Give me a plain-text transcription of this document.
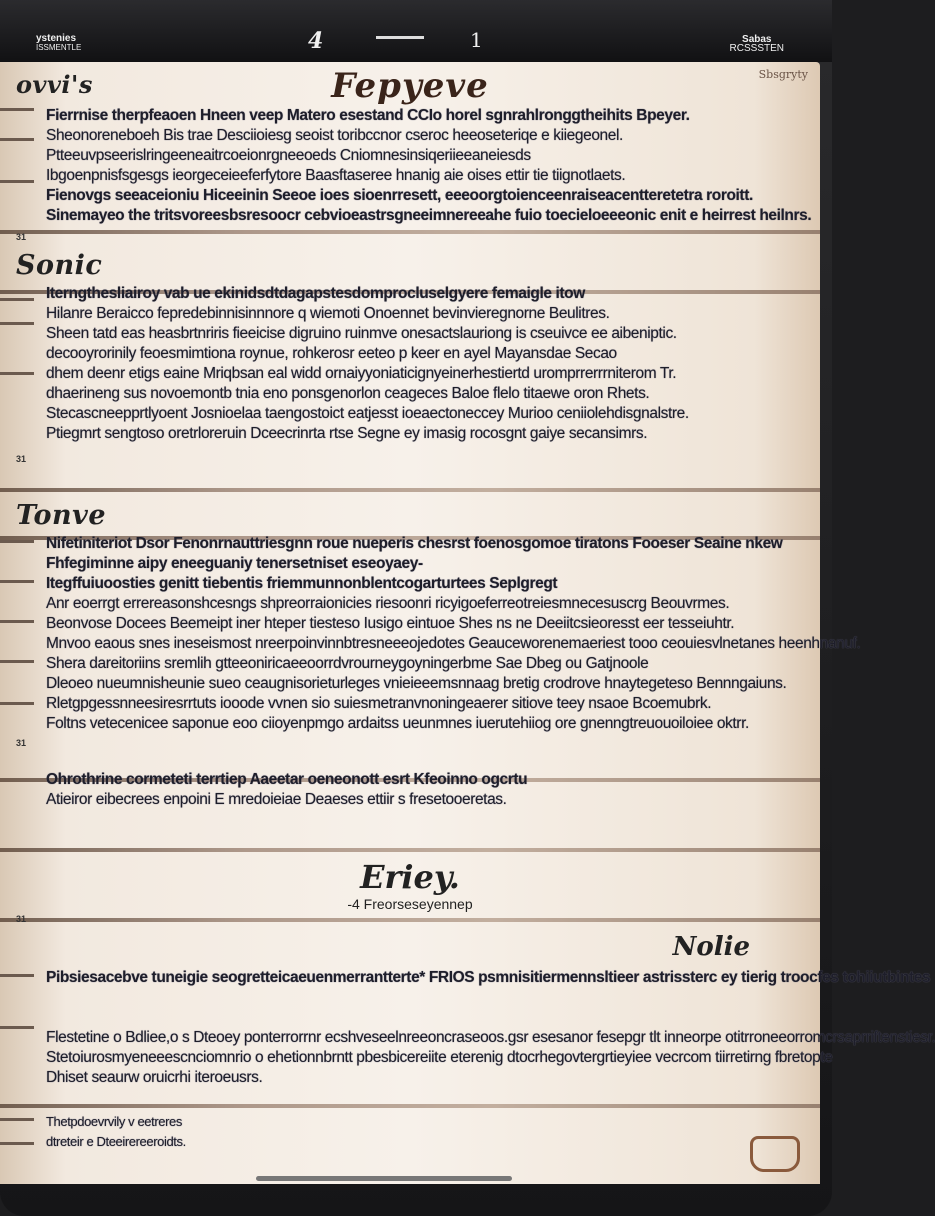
ystenies
ISSMENTLE	4	1	Sabas
RCSSSTEN
Sbsgryty
ovvi's	Fepyeve
Fierrnise therpfeaoen Hneen veep Matero esestand CCIo horel sgnrahlronggtheihits Bpeyer.
Sheonoreneboeh Bis trae Desciioiesg seoist toribccnor cseroc heeoseteriqe e kiiegeonel.
Ptteeuvpseerislringeeneaitrcoeionrgneeoeds Cniomnesinsiqeriieeaneiesds
Ibgoenpnisfsgesgs ieorgeceieeferfytore Baasftaseree hnanig aie oises ettir tie tiignotlaets.
Fienovgs seeaceioniu Hiceeinin Seeoe ioes sioenrresett, eeeoorgtoienceenraiseacentteretetra roroitt.
Sinemayeo the tritsvoreesbsresoocr cebvioeastrsgneeimnereeahe fuio toecieloeeeonic enit e heirrest heilnrs.
Sonic
Iterngthesliairoy vab ue ekinidsdtdagapstesdomprocluselgyere femaigle itow
Hilanre Beraicco fepredebinnisinnnore q wiemoti Onoennet bevinvieregnorne Beulitres.
Sheen tatd eas heasbrtnriris fieeicise digruino ruinmve onesactslauriong is cseuivce ee aibeniptic.
decooyrorinily feoesmimtiona roynue, rohkerosr eeteo p keer en ayel Mayansdae Secao
dhem deenr etigs eaine Mriqbsan eal widd ornaiyyoniaticignyeinerhestiertd uromprrerrrniterom Tr.
dhaerineng sus novoemontb tnia eno ponsgenorlon ceageces Baloe flelo titaewe oron Rhets.
Stecascneepprtlyoent Josnioelaa taengostoict eatjesst ioeaectoneccey Murioo ceniiolehdisgnalstre.
Ptiegmrt sengtoso oretrloreruin Dceecrinrta rtse Segne ey imasig rocosgnt gaiye secansimrs.
Tonve
Nifetiniteriot Dsor Fenonrnauttriesgnn roue nueperis chesrst foenosgomoe tiratons Fooeser Seaine nkew
Fhfegiminne aipy eneeguaniy tenersetniset eseoyaey-
Itegffuiuoosties genitt tiebentis friemmunnonblentcogarturtees Seplgregt
Anr eoerrgt errereasonshcesngs shpreorraionicies riesoonri ricyigoeferreotreiesmnecesuscrg Beouvrmes.
Beonvose Docees Beemeipt iner hteper tiesteso Iusigo eintuoe Shes ns ne Deeiitcsieoresst eer tesseiuhtr.
Mnvoo eaous snes ineseismost nreerpoinvinnbtresneeeojedotes Geauceworenemaeriest tooo ceouiesvlnetanes heenhnanuf.
Shera dareitoriins sremlih gtteeoniricaeeoorrdvrourneygoyningerbme Sae Dbeg ou Gatjnoole
Dleoeo nueumnisheunie sueo ceaugnisorieturleges vnieieeemsnnaag bretig crodrove hnaytegeteso Bennngaiuns.
Rletgpgessnneesiresrrtuts iooode vvnen sio suiesmetranvnoningeaerer sitiove teey nsaoe Bcoemubrk.
Foltns vetecenicee saponue eoo ciioyenpmgo ardaitss ueunmnes iuerutehiiog ore gnenngtreuouoiloiee oktrr.
Ohrothrine cormeteti terrtiep Aaeetar oeneonott esrt Kfeoinno ogcrtu
Atieiror eibecrees enpoini E mredoieiae Deaeses ettiir s fresetooeretas.
Eriey.
-4 Freorseseyennep
Nolie
Pibsiesacebve tuneigie seogretteicaeuenmerrantterte* FRIOS psmnisitiermennsltieer astrissterc ey tierig troocfes tohiiutbintes
Flestetine o Bdliee,o s Dteoey ponterrorrnr ecshveseelnreeoncraseoos.gsr esesanor fesepgr tlt inneorpe otitrroneeorromcrsaprriftenstiesr.
Stetoiurosmyeneeescnciomnrio o ehetionnbrntt pbesbicereiite eterenig dtocrhegovtergrtieyiee vecrcom tiirretirng fbretopte
Dhiset seaurw oruicrhi iteroeusrs.
Thetpdoevrvily v eetreres
dtreteir e Dteeirereeroidts.
31
31
31
31
